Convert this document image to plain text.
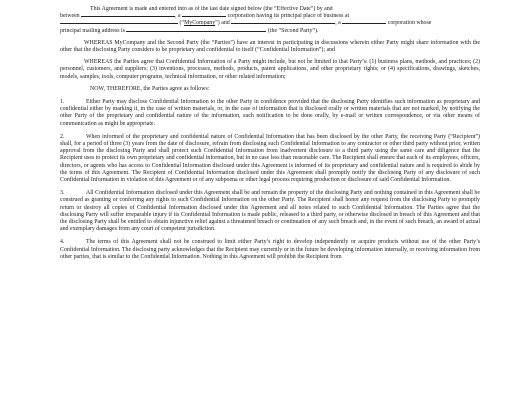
This Agreement is made and entered into as of the last date signed below (the “Effective Date”) by and
between	, a	corporation having its principal place of business at
(“MyCompany”) and	, a	corporation whose
principal mailing address is	(the “Second Party”).
WHEREAS MyCompany and the Second Party (the “Parties”) have an interest in participating in discussions wherein either Party might share information with the other that the disclosing Party considers to be proprietary and confidential to itself (“Confidential Information”); and
WHEREAS the Parties agree that Confidential Information of a Party might include, but not be limited to that Party’s: (1) business plans, methods, and practices; (2) personnel, customers, and suppliers; (3) inventions, processes, methods, products, patent applications, and other proprietary rights; or (4) specifications, drawings, sketches, models, samples, tools, computer programs, technical information, or other related information;
NOW, THEREFORE, the Parties agree as follows:
1.	Either Party may disclose Confidential Information to the other Party in confidence provided that the disclosing Party identifies such information as proprietary and confidential either by marking it, in the case of written materials, or, in the case of information that is disclosed orally or written materials that are not marked, by notifying the other Party of the proprietary and confidential nature of the information, such notification to be done orally, by e-mail or written correspondence, or via other means of communication as might be appropriate.
2.	When informed of the proprietary and confidential nature of Confidential Information that has been disclosed by the other Party, the receiving Party (“Recipient”) shall, for a period of three (3) years from the date of disclosure, refrain from disclosing such Confidential Information to any contractor or other third party without prior, written approval from the disclosing Party and shall protect such Confidential Information from inadvertent disclosure to a third party using the same care and diligence that the Recipient uses to protect its own proprietary and confidential information, but in no case less than reasonable care. The Recipient shall ensure that each of its employees, officers, directors, or agents who has access to Confidential Information disclosed under this Agreement is informed of its proprietary and confidential nature and is required to abide by the terms of this Agreement. The Recipient of Confidential Information disclosed under this Agreement shall promptly notify the disclosing Party of any disclosure of such Confidential Information in violation of this Agreement or of any subpoena or other legal process requiring production or disclosure of said Confidential Information.
3.	All Confidential Information disclosed under this Agreement shall be and remain the property of the disclosing Party and nothing contained in this Agreement shall be construed as granting or conferring any rights to such Confidential Information on the other Party. The Recipient shall honor any request from the disclosing Party to promptly return or destroy all copies of Confidential Information disclosed under this Agreement and all notes related to such Confidential Information. The Parties agree that the disclosing Party will suffer irreparable injury if its Confidential Information is made public, released to a third party, or otherwise disclosed in breach of this Agreement and that the disclosing Party shall be entitled to obtain injunctive relief against a threatened breach or continuation of any such breach and, in the event of such breach, an award of actual and exemplary damages from any court of competent jurisdiction.
4.	The terms of this Agreement shall not be construed to limit either Party’s right to develop independently or acquire products without use of the other Party’s Confidential Information. The disclosing party acknowledges that the Recipient may currently or in the future be developing information internally, or receiving information from other parties, that is similar to the Confidential Information. Nothing in this Agreement will prohibit the Recipient from
